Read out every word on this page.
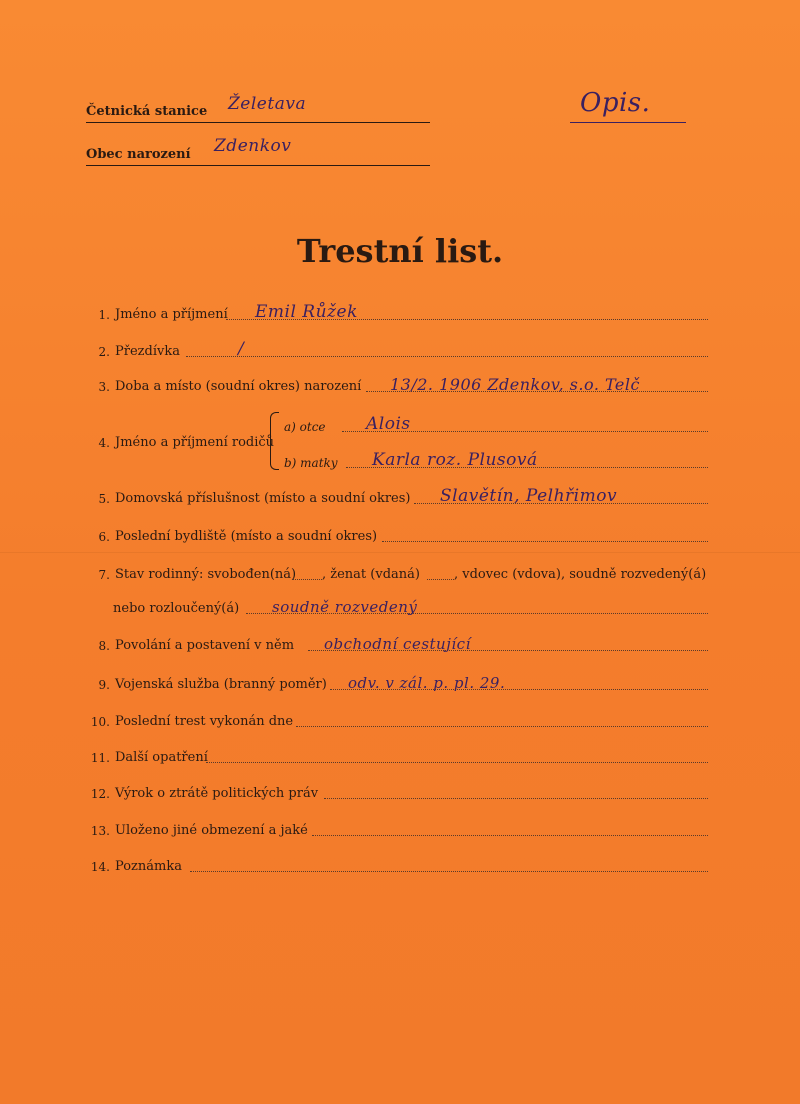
Četnická stanice Želetava
Obec narození Zdenkov
Opis.
Trestní list.
1. Jméno a příjmení Emil Růžek
2. Přezdívka	/
3. Doba a místo (soudní okres) narození 13/2. 1906 Zdenkov, s.o. Telč
4. Jméno a příjmení rodičů
a) otce Alois
b) matky Karla roz. Plusová
5. Domovská příslušnost (místo a soudní okres) Slavětín, Pelhřimov
6. Poslední bydliště (místo a soudní okres)
7. Stav rodinný: svobođen(ná) , ženat (vdaná)	, vdovec (vdova), soudně rozvedený(á)
nebo rozloučený(á) soudně rozvedený
8. Povolání a postavení v něm obchodní cestující
9. Vojenská služba (branný poměr) odv. v zál. p. pl. 29.
10. Poslední trest vykonán dne
11. Další opatření
12. Výrok o ztrátě politických práv
13. Uloženo jiné obmezení a jaké
14. Poznámka
